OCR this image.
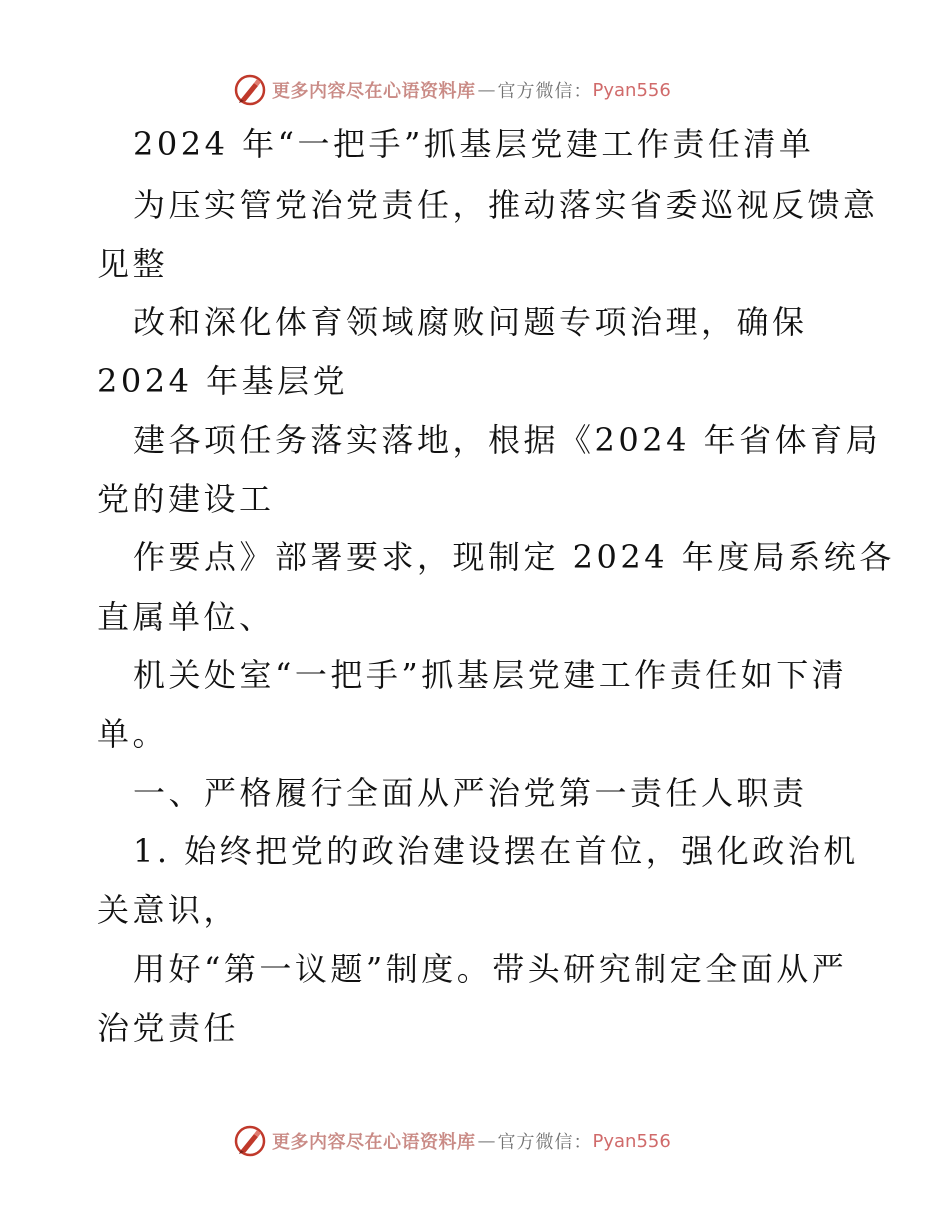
更多内容尽在心语资料库 — 官方微信： Pyan556
2024 年“一把手”抓基层党建工作责任清单
为压实管党治党责任，推动落实省委巡视反馈意
见整
改和深化体育领域腐败问题专项治理，确保
2024 年基层党
建各项任务落实落地，根据《2024 年省体育局
党的建设工
作要点》部署要求，现制定 2024 年度局系统各
直属单位、
机关处室“一把手”抓基层党建工作责任如下清
单。
一、严格履行全面从严治党第一责任人职责
1. 始终把党的政治建设摆在首位，强化政治机
关意识，
用好“第一议题”制度。带头研究制定全面从严
治党责任
更多内容尽在心语资料库 — 官方微信： Pyan556
